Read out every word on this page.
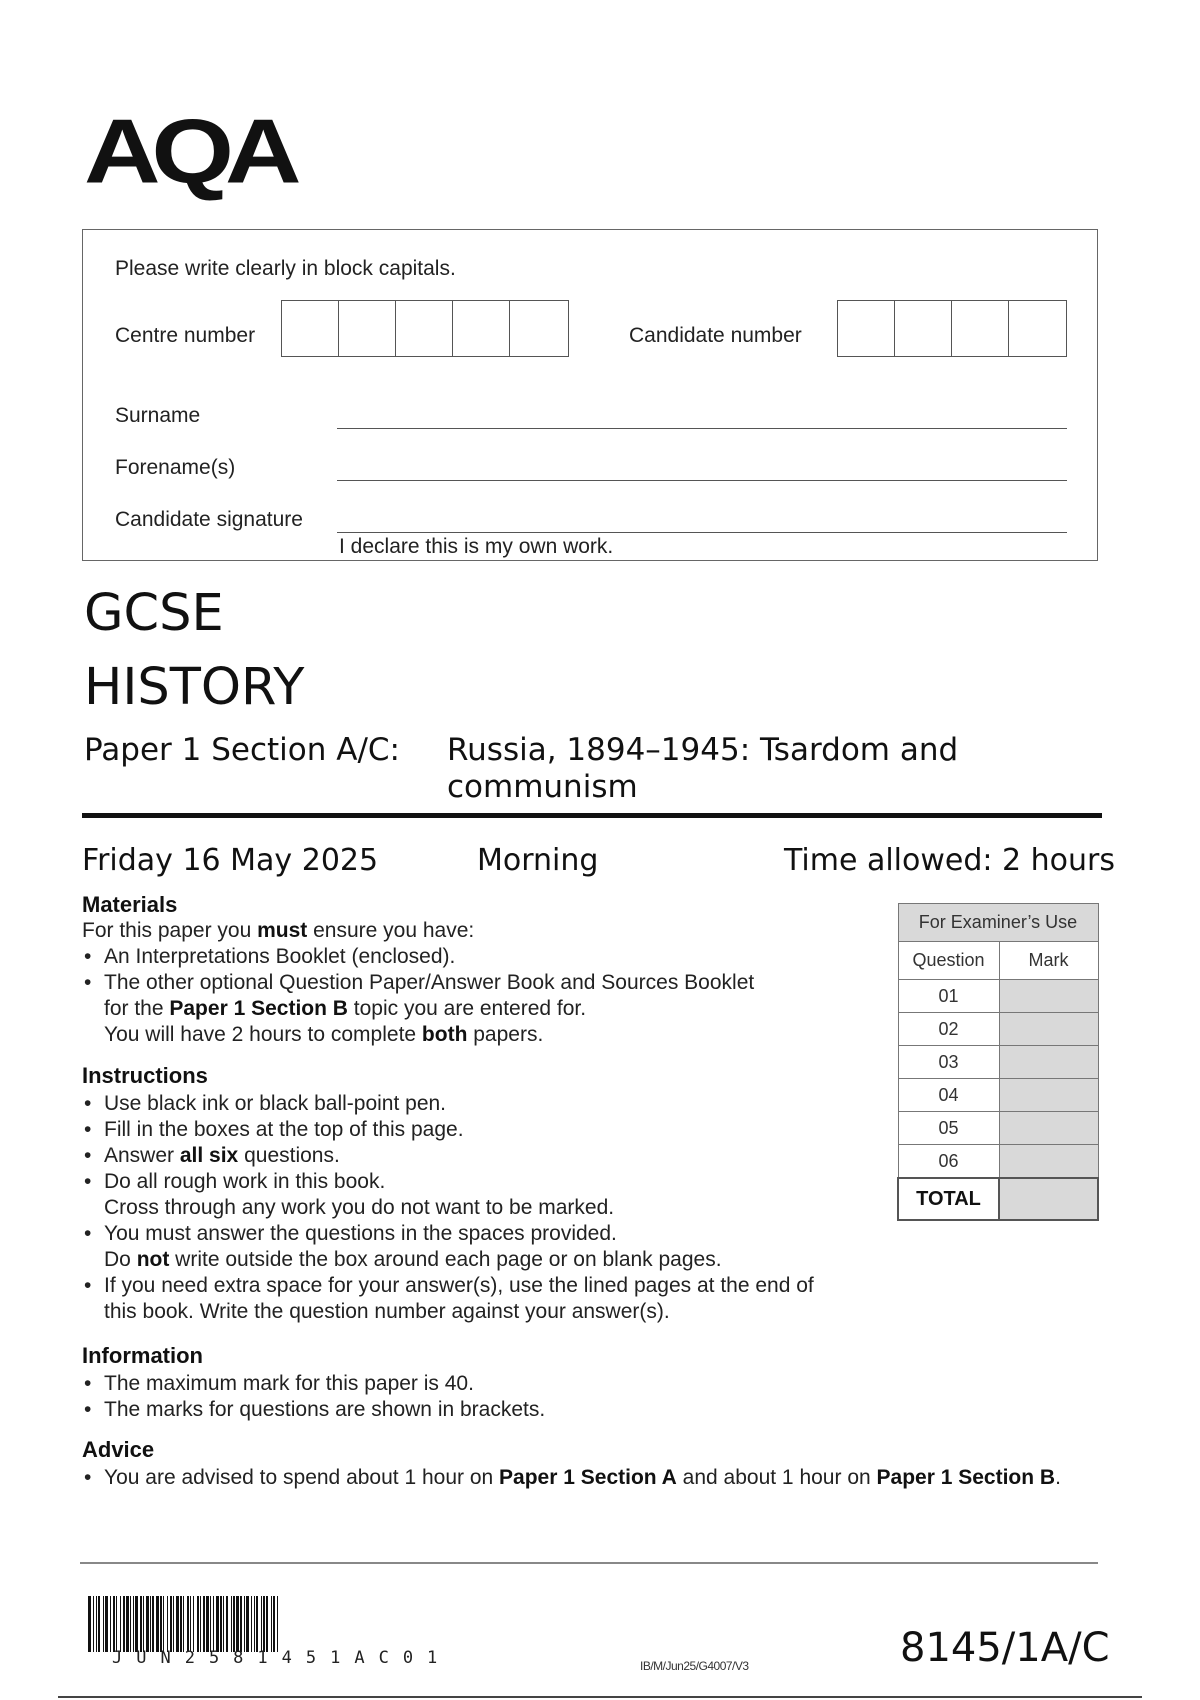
AQA
Please write clearly in block capitals.
Centre number	Candidate number
Surname
Forename(s)
Candidate signature
I declare this is my own work.
GCSE
HISTORY
Paper 1 Section A/C: Russia, 1894–1945: Tsardom and
communism
Friday 16 May 2025	Morning	Time allowed: 2 hours
Materials
For this paper you must ensure you have:
• An Interpretations Booklet (enclosed).
• The other optional Question Paper/Answer Book and Sources Booklet
for the Paper 1 Section B topic you are entered for.
You will have 2 hours to complete both papers.
Instructions
• Use black ink or black ball-point pen.
• Fill in the boxes at the top of this page.
• Answer all six questions.
• Do all rough work in this book.
Cross through any work you do not want to be marked.
• You must answer the questions in the spaces provided.
Do not write outside the box around each page or on blank pages.
• If you need extra space for your answer(s), use the lined pages at the end of
this book. Write the question number against your answer(s).
Information
• The maximum mark for this paper is 40.
• The marks for questions are shown in brackets.
Advice
• You are advised to spend about 1 hour on Paper 1 Section A and about 1 hour on Paper 1 Section B.
For Examiner’s Use	
Question	Mark
01	
02	
03	
04	
05	
06	
TOTAL	
JUN2581451AC01	IB/M/Jun25/G4007/V3	8145/1A/C
